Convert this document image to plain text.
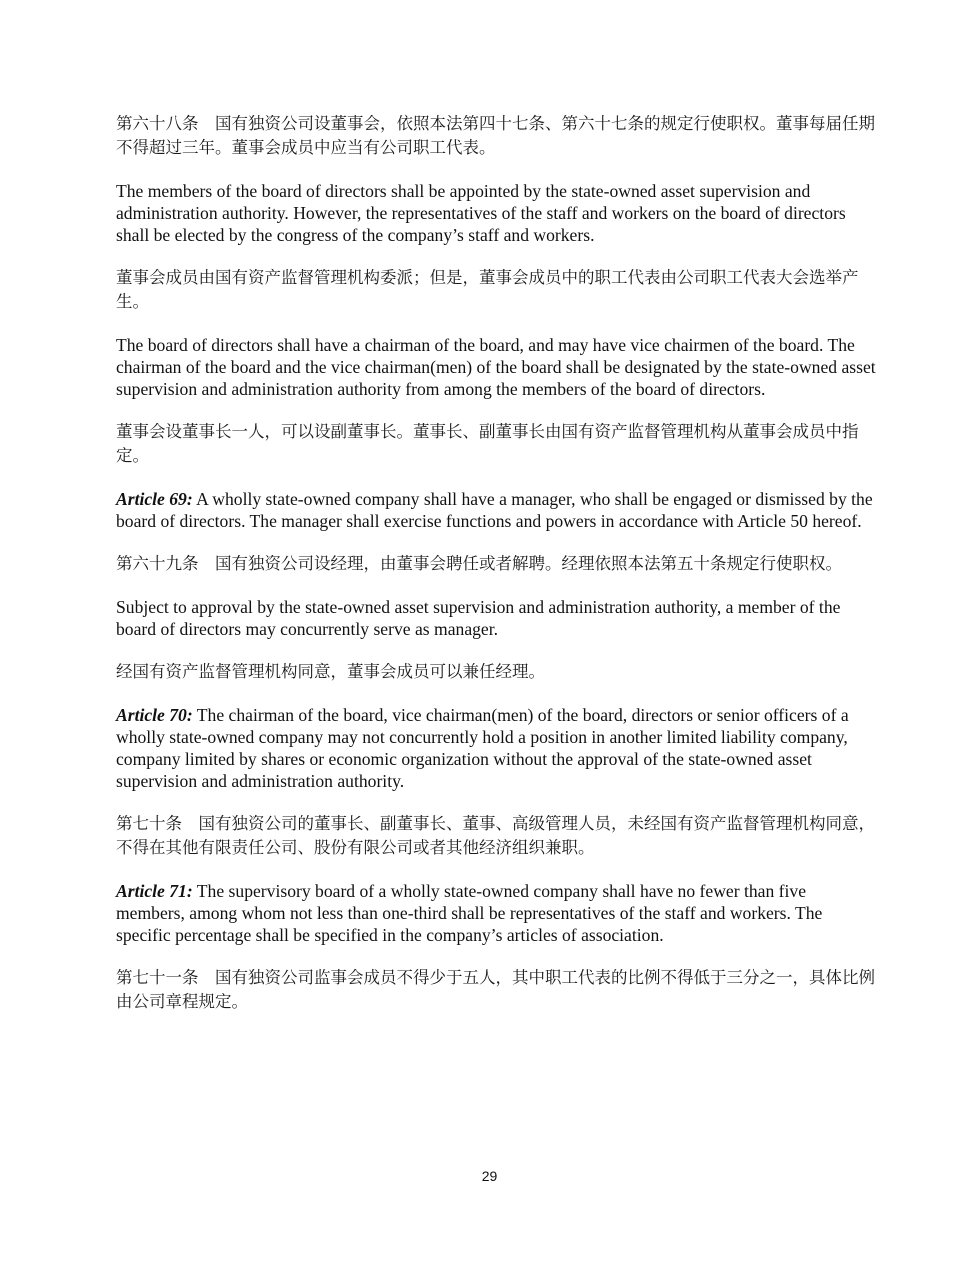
第六十八条　国有独资公司设董事会，依照本法第四十七条、第六十七条的规定行使职权。董事每届任期不得超过三年。董事会成员中应当有公司职工代表。

The members of the board of directors shall be appointed by the state-owned asset supervision and administration authority. However, the representatives of the staff and workers on the board of directors shall be elected by the congress of the company’s staff and workers.

董事会成员由国有资产监督管理机构委派；但是，董事会成员中的职工代表由公司职工代表大会选举产生。

The board of directors shall have a chairman of the board, and may have vice chairmen of the board. The chairman of the board and the vice chairman(men) of the board shall be designated by the state-owned asset supervision and administration authority from among the members of the board of directors.

董事会设董事长一人，可以设副董事长。董事长、副董事长由国有资产监督管理机构从董事会成员中指定。

Article 69: A wholly state-owned company shall have a manager, who shall be engaged or dismissed by the board of directors. The manager shall exercise functions and powers in accordance with Article 50 hereof.

第六十九条　国有独资公司设经理，由董事会聘任或者解聘。经理依照本法第五十条规定行使职权。

Subject to approval by the state-owned asset supervision and administration authority, a member of the board of directors may concurrently serve as manager.

经国有资产监督管理机构同意，董事会成员可以兼任经理。

Article 70: The chairman of the board, vice chairman(men) of the board, directors or senior officers of a wholly state-owned company may not concurrently hold a position in another limited liability company, company limited by shares or economic organization without the approval of the state-owned asset supervision and administration authority.

第七十条　国有独资公司的董事长、副董事长、董事、高级管理人员，未经国有资产监督管理机构同意，不得在其他有限责任公司、股份有限公司或者其他经济组织兼职。

Article 71: The supervisory board of a wholly state-owned company shall have no fewer than five members, among whom not less than one-third shall be representatives of the staff and workers. The specific percentage shall be specified in the company’s articles of association.

第七十一条　国有独资公司监事会成员不得少于五人，其中职工代表的比例不得低于三分之一，具体比例由公司章程规定。

29
